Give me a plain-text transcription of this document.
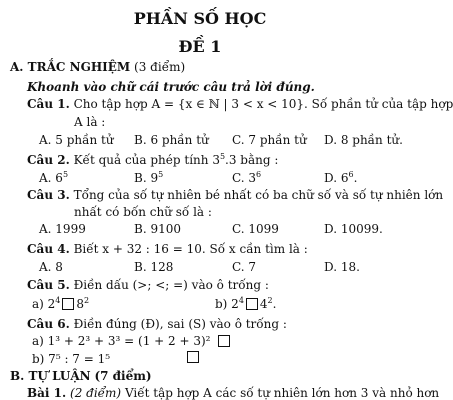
PHẦN SỐ HỌC
ĐỀ 1
A. TRẮC NGHIỆM (3 điểm)
Khoanh vào chữ cái trước câu trả lời đúng.
Câu 1. Cho tập hợp A = {x ∈ ℕ | 3 < x < 10}. Số phần tử của tập hợp
A là :
A. 5 phần tử B. 6 phần tử C. 7 phần tử D. 8 phần tử.
Câu 2. Kết quả của phép tính $3^5.3$ bằng :
A. $6^5$	B. $9^5$	C. $3^6$	D. $6^6$.
Câu 3. Tổng của số tự nhiên bé nhất có ba chữ số và số tự nhiên lớn
nhất có bốn chữ số là :
A. 1999	B. 9100	C. 1099	D. 10099.
Câu 4. Biết x + 32 : 16 = 10. Số x cần tìm là :
A. 8	B. 128	C. 7	D. 18.
Câu 5. Điền dấu (>; <; =) vào ô trống :
a) $2^4$ $8^2$	b) $2^4$ $4^2$.
Câu 6. Điền đúng (Đ), sai (S) vào ô trống :
a) 1³ + 2³ + 3³ = (1 + 2 + 3)²
b) 7⁵ : 7 = 1⁵
B. TỰ LUẬN (7 điểm)
Bài 1. (2 điểm) Viết tập hợp A các số tự nhiên lớn hơn 3 và nhỏ hơn
